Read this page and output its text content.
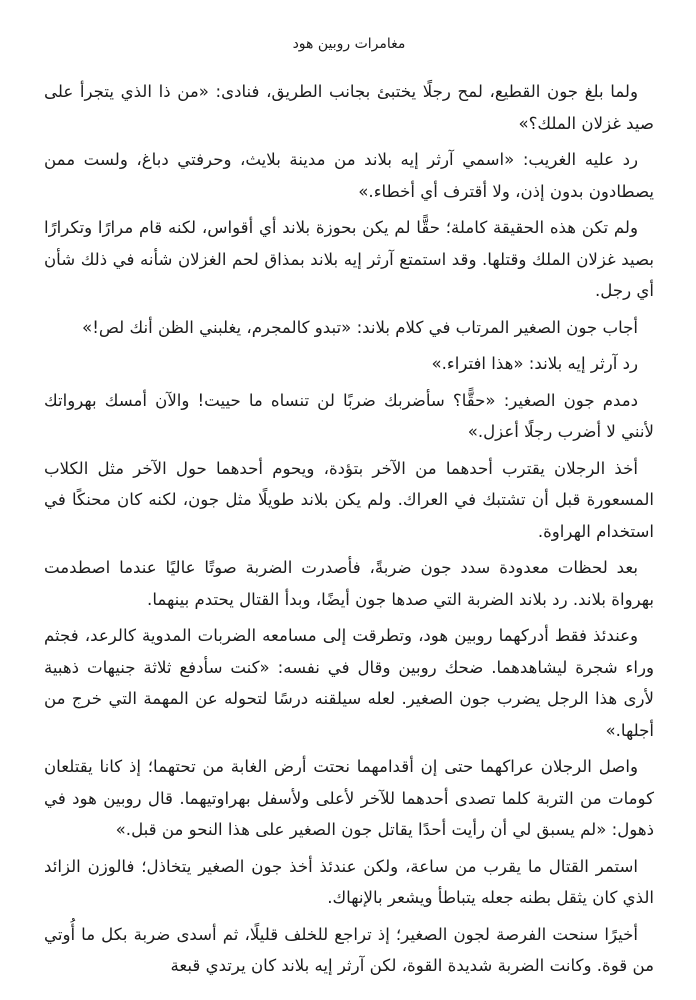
مغامرات روبين هود

ولما بلغ جون القطيع، لمح رجلًا يختبئ بجانب الطريق، فنادى: «من ذا الذي يتجرأ على صيد غزلان الملك؟»

رد عليه الغريب: «اسمي آرثر إيه بلاند من مدينة بلايث، وحرفتي دباغ، ولست ممن يصطادون بدون إذن، ولا أقترف أي أخطاء.»

ولم تكن هذه الحقيقة كاملة؛ حقًّا لم يكن بحوزة بلاند أي أقواس، لكنه قام مرارًا وتكرارًا بصيد غزلان الملك وقتلها. وقد استمتع آرثر إيه بلاند بمذاق لحم الغزلان شأنه في ذلك شأن أي رجل.

أجاب جون الصغير المرتاب في كلام بلاند: «تبدو كالمجرم، يغلبني الظن أنك لص!»

رد آرثر إيه بلاند: «هذا افتراء.»

دمدم جون الصغير: «حقًّا؟ سأضربك ضربًا لن تنساه ما حييت! والآن أمسك بهرواتك لأنني لا أضرب رجلًا أعزل.»

أخذ الرجلان يقترب أحدهما من الآخر بتؤدة، ويحوم أحدهما حول الآخر مثل الكلاب المسعورة قبل أن تشتبك في العراك. ولم يكن بلاند طويلًا مثل جون، لكنه كان محنكًا في استخدام الهراوة.

بعد لحظات معدودة سدد جون ضربةً، فأصدرت الضربة صوتًا عاليًا عندما اصطدمت بهرواة بلاند. رد بلاند الضربة التي صدها جون أيضًا، وبدأ القتال يحتدم بينهما.

وعندئذ فقط أدركهما روبين هود، وتطرقت إلى مسامعه الضربات المدوية كالرعد، فجثم وراء شجرة ليشاهدهما. ضحك روبين وقال في نفسه: «كنت سأدفع ثلاثة جنيهات ذهبية لأرى هذا الرجل يضرب جون الصغير. لعله سيلقنه درسًا لتحوله عن المهمة التي خرج من أجلها.»

واصل الرجلان عراكهما حتى إن أقدامهما نحتت أرض الغابة من تحتهما؛ إذ كانا يقتلعان كومات من التربة كلما تصدى أحدهما للآخر لأعلى ولأسفل بهراوتيهما. قال روبين هود في ذهول: «لم يسبق لي أن رأيت أحدًا يقاتل جون الصغير على هذا النحو من قبل.»

استمر القتال ما يقرب من ساعة، ولكن عندئذ أخذ جون الصغير يتخاذل؛ فالوزن الزائد الذي كان يثقل بطنه جعله يتباطأ ويشعر بالإنهاك.

أخيرًا سنحت الفرصة لجون الصغير؛ إذ تراجع للخلف قليلًا، ثم أسدى ضربة بكل ما أُوتي من قوة. وكانت الضربة شديدة القوة، لكن آرثر إيه بلاند كان يرتدي قبعة
